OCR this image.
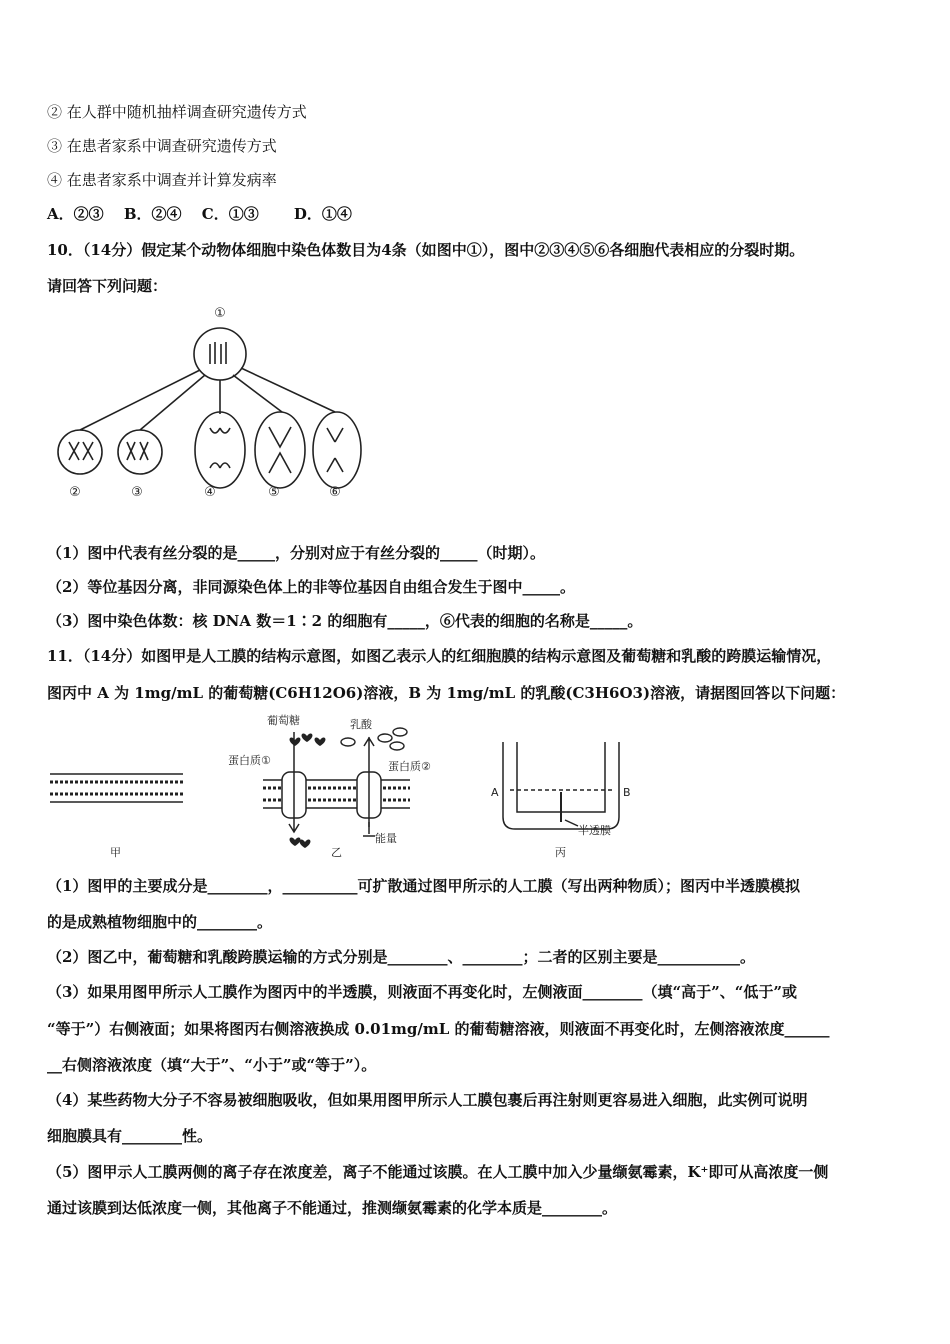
② 在人群中随机抽样调查研究遗传方式
③ 在患者家系中调查研究遗传方式
④ 在患者家系中调查并计算发病率
A．②③　 B．②④　 C．①③　　 D．①④
10．（14分）假定某个动物体细胞中染色体数目为4条（如图中①），图中②③④⑤⑥各细胞代表相应的分裂时期。
请回答下列问题：
①
②	③	④	⑤	⑥
（1）图中代表有丝分裂的是_____，分别对应于有丝分裂的_____（时期）。
（2）等位基因分离，非同源染色体上的非等位基因自由组合发生于图中_____。
（3）图中染色体数：核 DNA 数＝1∶2 的细胞有_____，⑥代表的细胞的名称是_____。
11．（14分）如图甲是人工膜的结构示意图，如图乙表示人的红细胞膜的结构示意图及葡萄糖和乳酸的跨膜运输情况，
图丙中 A 为 1mg/mL 的葡萄糖(C6H12O6)溶液，B 为 1mg/mL 的乳酸(C3H6O3)溶液，请据图回答以下问题：
葡萄糖	乳酸
蛋白质①	蛋白质②
能量
A	B
半透膜
甲	乙	丙
（1）图甲的主要成分是________，__________可扩散通过图甲所示的人工膜（写出两种物质）；图丙中半透膜模拟
的是成熟植物细胞中的________。
（2）图乙中，葡萄糖和乳酸跨膜运输的方式分别是________、________；二者的区别主要是___________。
（3）如果用图甲所示人工膜作为图丙中的半透膜，则液面不再变化时，左侧液面________（填“高于”、“低于”或
“等于”）右侧液面；如果将图丙右侧溶液换成 0.01mg/mL 的葡萄糖溶液，则液面不再变化时，左侧溶液浓度______
__右侧溶液浓度（填“大于”、“小于”或“等于”）。
（4）某些药物大分子不容易被细胞吸收，但如果用图甲所示人工膜包裹后再注射则更容易进入细胞，此实例可说明
细胞膜具有________性。
（5）图甲示人工膜两侧的离子存在浓度差，离子不能通过该膜。在人工膜中加入少量缬氨霉素，K⁺即可从高浓度一侧
通过该膜到达低浓度一侧，其他离子不能通过，推测缬氨霉素的化学本质是________。
